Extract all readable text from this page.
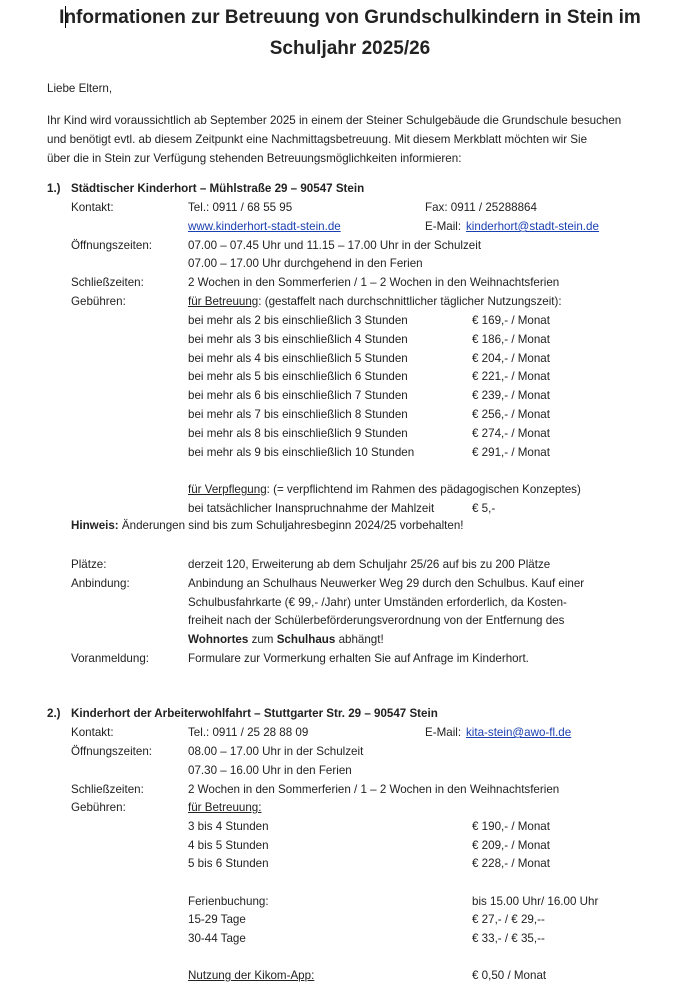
Informationen zur Betreuung von Grundschulkindern in Stein im
Schuljahr 2025/26
Liebe Eltern,
Ihr Kind wird voraussichtlich ab September 2025 in einem der Steiner Schulgebäude die Grundschule besuchen
und benötigt evtl. ab diesem Zeitpunkt eine Nachmittagsbetreuung. Mit diesem Merkblatt möchten wir Sie
über die in Stein zur Verfügung stehenden Betreuungsmöglichkeiten informieren:
1.) Städtischer Kinderhort – Mühlstraße 29 – 90547 Stein
Kontakt:	Tel.: 0911 / 68 55 95	Fax: 0911 / 25288864
www.kinderhort-stadt-stein.de	E-Mail: kinderhort@stadt-stein.de
Öffnungszeiten:	07.00 – 07.45 Uhr und 11.15 – 17.00 Uhr in der Schulzeit
07.00 – 17.00 Uhr durchgehend in den Ferien
Schließzeiten:	2 Wochen in den Sommerferien / 1 – 2 Wochen in den Weihnachtsferien
Gebühren:	für Betreuung: (gestaffelt nach durchschnittlicher täglicher Nutzungszeit):
bei mehr als 2 bis einschließlich 3 Stunden	€ 169,- / Monat
bei mehr als 3 bis einschließlich 4 Stunden	€ 186,- / Monat
bei mehr als 4 bis einschließlich 5 Stunden	€ 204,- / Monat
bei mehr als 5 bis einschließlich 6 Stunden	€ 221,- / Monat
bei mehr als 6 bis einschließlich 7 Stunden	€ 239,- / Monat
bei mehr als 7 bis einschließlich 8 Stunden	€ 256,- / Monat
bei mehr als 8 bis einschließlich 9 Stunden	€ 274,- / Monat
bei mehr als 9 bis einschließlich 10 Stunden	€ 291,- / Monat
für Verpflegung: (= verpflichtend im Rahmen des pädagogischen Konzeptes)
bei tatsächlicher Inanspruchnahme der Mahlzeit	€ 5,-
Hinweis: Änderungen sind bis zum Schuljahresbeginn 2024/25 vorbehalten!
Plätze:	derzeit 120, Erweiterung ab dem Schuljahr 25/26 auf bis zu 200 Plätze
Anbindung:	Anbindung an Schulhaus Neuwerker Weg 29 durch den Schulbus. Kauf einer
Schulbusfahrkarte (€ 99,- /Jahr) unter Umständen erforderlich, da Kosten-
freiheit nach der Schülerbeförderungsverordnung von der Entfernung des
Wohnortes zum Schulhaus abhängt!
Voranmeldung:	Formulare zur Vormerkung erhalten Sie auf Anfrage im Kinderhort.
2.) Kinderhort der Arbeiterwohlfahrt – Stuttgarter Str. 29 – 90547 Stein
Kontakt:	Tel.: 0911 / 25 28 88 09	E-Mail: kita-stein@awo-fl.de
Öffnungszeiten:	08.00 – 17.00 Uhr in der Schulzeit
07.30 – 16.00 Uhr in den Ferien
Schließzeiten:	2 Wochen in den Sommerferien / 1 – 2 Wochen in den Weihnachtsferien
Gebühren:	für Betreuung:
3 bis 4 Stunden	€ 190,- / Monat
4 bis 5 Stunden	€ 209,- / Monat
5 bis 6 Stunden	€ 228,- / Monat
Ferienbuchung:	bis 15.00 Uhr/ 16.00 Uhr
15-29 Tage	€ 27,- / € 29,--
30-44 Tage	€ 33,- / € 35,--
Nutzung der Kikom-App:	€ 0,50 / Monat
